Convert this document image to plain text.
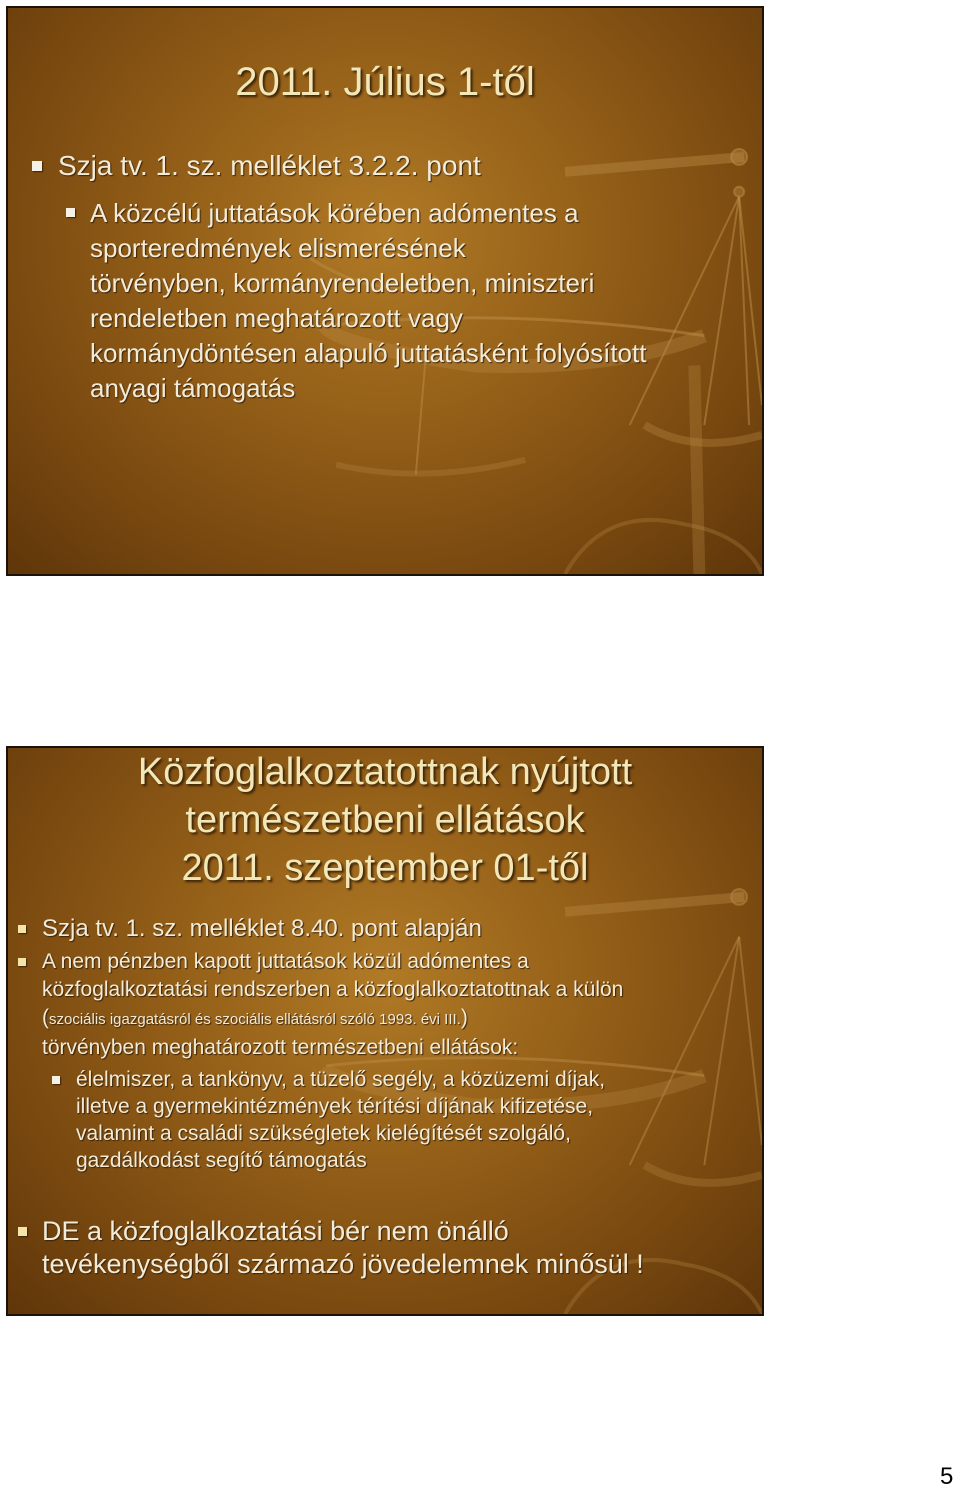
2011. Július 1-től
Szja tv. 1. sz. melléklet 3.2.2. pont
A közcélú juttatások körében adómentes a
sporteredmények elismerésének
törvényben, kormányrendeletben, miniszteri
rendeletben meghatározott vagy
kormánydöntésen alapuló juttatásként folyósított
anyagi támogatás
Közfoglalkoztatottnak nyújtott
természetbeni ellátások
2011. szeptember 01-től
Szja tv. 1. sz. melléklet 8.40. pont alapján
A nem pénzben kapott juttatások közül adómentes a
közfoglalkoztatási rendszerben a közfoglalkoztatottnak a külön
(szociális igazgatásról és szociális ellátásról szóló 1993. évi III.)
törvényben meghatározott természetbeni ellátások:
élelmiszer, a tankönyv, a tüzelő segély, a közüzemi díjak,
illetve a gyermekintézmények térítési díjának kifizetése,
valamint a családi szükségletek kielégítését szolgáló,
gazdálkodást segítő támogatás
DE a közfoglalkoztatási bér nem önálló
tevékenységből származó jövedelemnek minősül !
5
